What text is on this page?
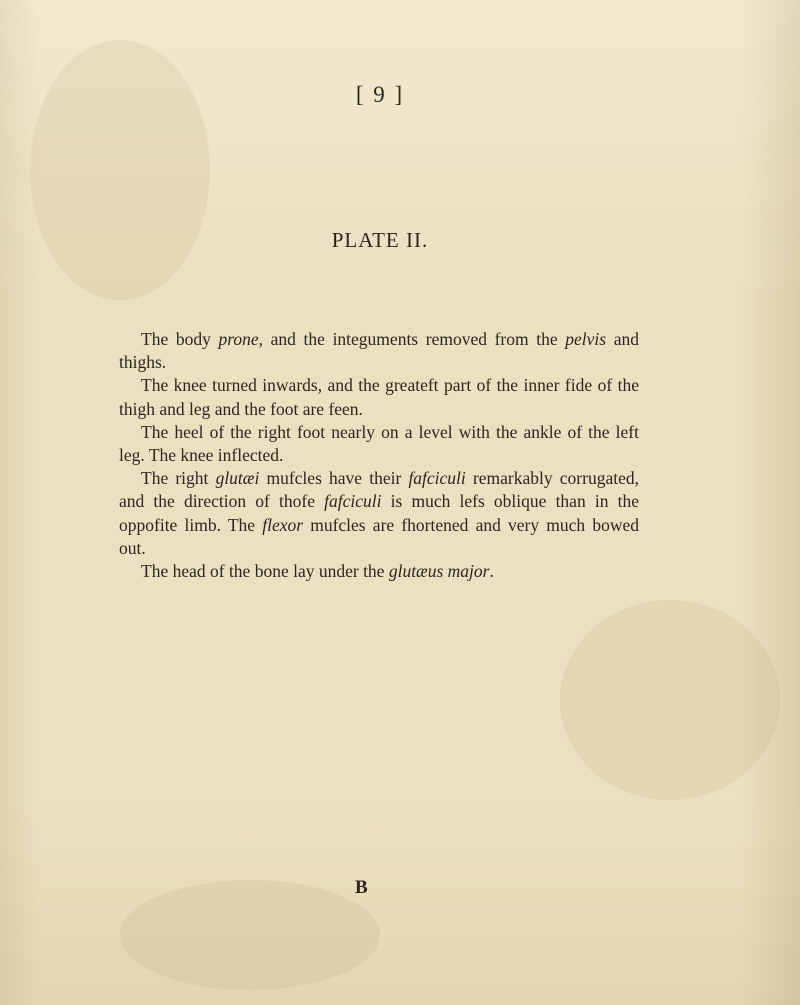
[ 9 ]
PLATE II.

The body prone, and the integuments removed from the pelvis and thighs.

The knee turned inwards, and the greateft part of the inner fide of the thigh and leg and the foot are feen.

The heel of the right foot nearly on a level with the ankle of the left leg. The knee inflected.

The right glutæi mufcles have their fafciculi remarkably corrugated, and the direction of thofe fafciculi is much lefs oblique than in the oppofite limb. The flexor mufcles are fhortened and very much bowed out.

The head of the bone lay under the glutæus major.

B
